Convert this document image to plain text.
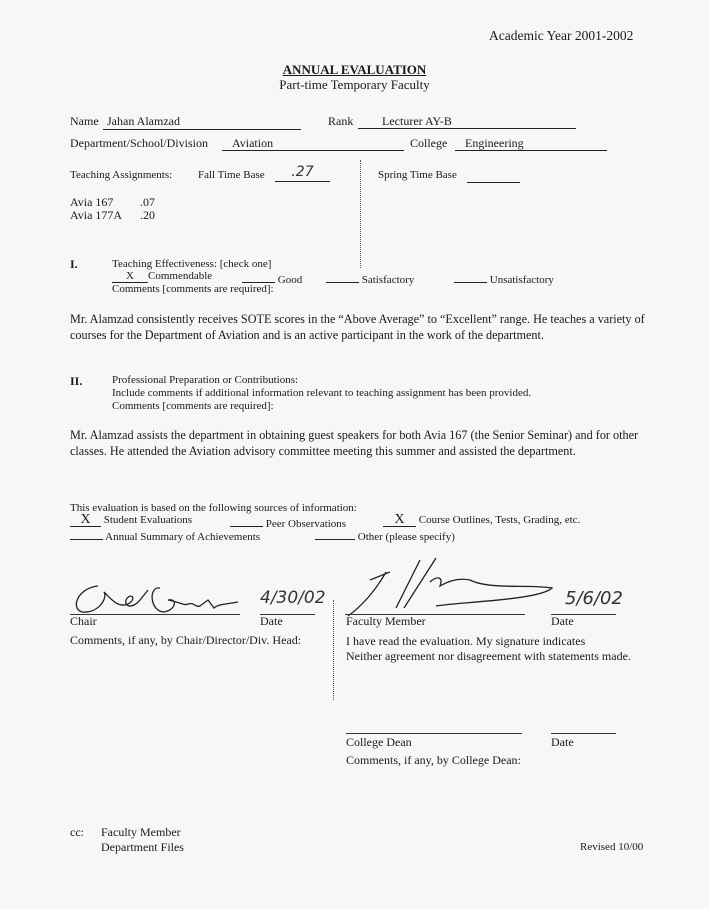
Academic Year 2001-2002
ANNUAL EVALUATION
Part-time Temporary Faculty
Name Jahan Alamzad	Rank	Lecturer AY-B
Department/School/Division	Aviation	College	Engineering
Teaching Assignments: Fall Time Base	.27	Spring Time Base
Avia 167 .07
Avia 177A .20
I.	Teaching Effectiveness: [check one]
X Commendable	Good	Satisfactory	Unsatisfactory
Comments [comments are required]:
Mr. Alamzad consistently receives SOTE scores in the “Above Average” to “Excellent” range. He teaches a variety of courses for the Department of Aviation and is an active participant in the work of the department.
II.	Professional Preparation or Contributions:
Include comments if additional information relevant to teaching assignment has been provided.
Comments [comments are required]:
Mr. Alamzad assists the department in obtaining guest speakers for both Avia 167 (the Senior Seminar) and for other classes. He attended the Aviation advisory committee meeting this summer and assisted the department.
This evaluation is based on the following sources of information:
X Student Evaluations	Peer Observations	X Course Outlines, Tests, Grading, etc.
Annual Summary of Achievements	Other (please specify)
Chair
4/30/02
Date
Comments, if any, by Chair/Director/Div. Head:
Faculty Member
5/6/02
Date
I have read the evaluation. My signature indicates
Neither agreement nor disagreement with statements made.
College Dean	Date
Comments, if any, by College Dean:
cc: Faculty Member
Department Files	Revised 10/00
